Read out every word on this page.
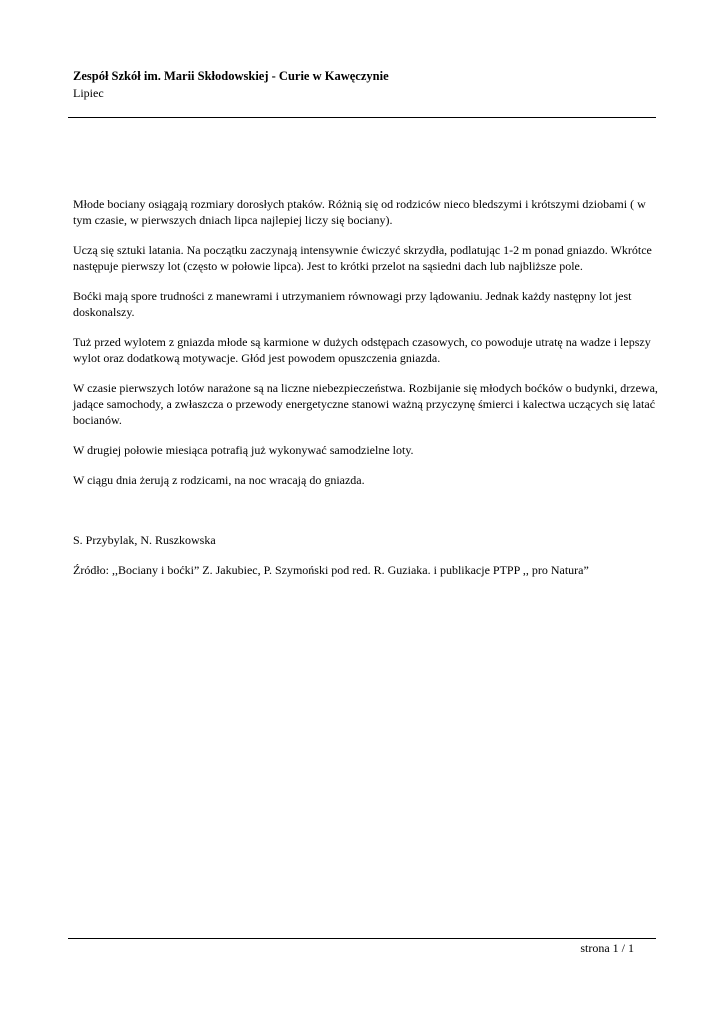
Zespół Szkół im. Marii Skłodowskiej - Curie w Kawęczynie

Lipiec

Młode bociany osiągają rozmiary dorosłych ptaków. Różnią się od rodziców nieco bledszymi i krótszymi dziobami ( w tym czasie, w pierwszych dniach lipca najlepiej liczy się bociany).

Uczą się sztuki latania. Na początku zaczynają intensywnie ćwiczyć skrzydła, podlatując 1-2 m ponad gniazdo. Wkrótce następuje pierwszy lot (często w połowie lipca). Jest to krótki przelot na sąsiedni dach lub najbliższe pole.

Boćki mają spore trudności z manewrami i utrzymaniem równowagi przy lądowaniu. Jednak każdy następny lot jest doskonalszy.

Tuż przed wylotem z gniazda młode są karmione w dużych odstępach czasowych, co powoduje utratę na wadze i lepszy wylot oraz dodatkową motywacje. Głód jest powodem opuszczenia gniazda.

W czasie pierwszych lotów narażone są na liczne niebezpieczeństwa. Rozbijanie się młodych boćków o budynki, drzewa, jadące samochody, a zwłaszcza o przewody energetyczne stanowi ważną przyczynę śmierci i kalectwa uczących się latać bocianów.

W drugiej połowie miesiąca potrafią już wykonywać samodzielne loty.

W ciągu dnia żerują z rodzicami, na noc wracają do gniazda.

S. Przybylak, N. Ruszkowska

Źródło: ,,Bociany i boćki” Z. Jakubiec, P. Szymoński pod red. R. Guziaka. i publikacje PTPP ,, pro Natura”

strona 1 / 1
